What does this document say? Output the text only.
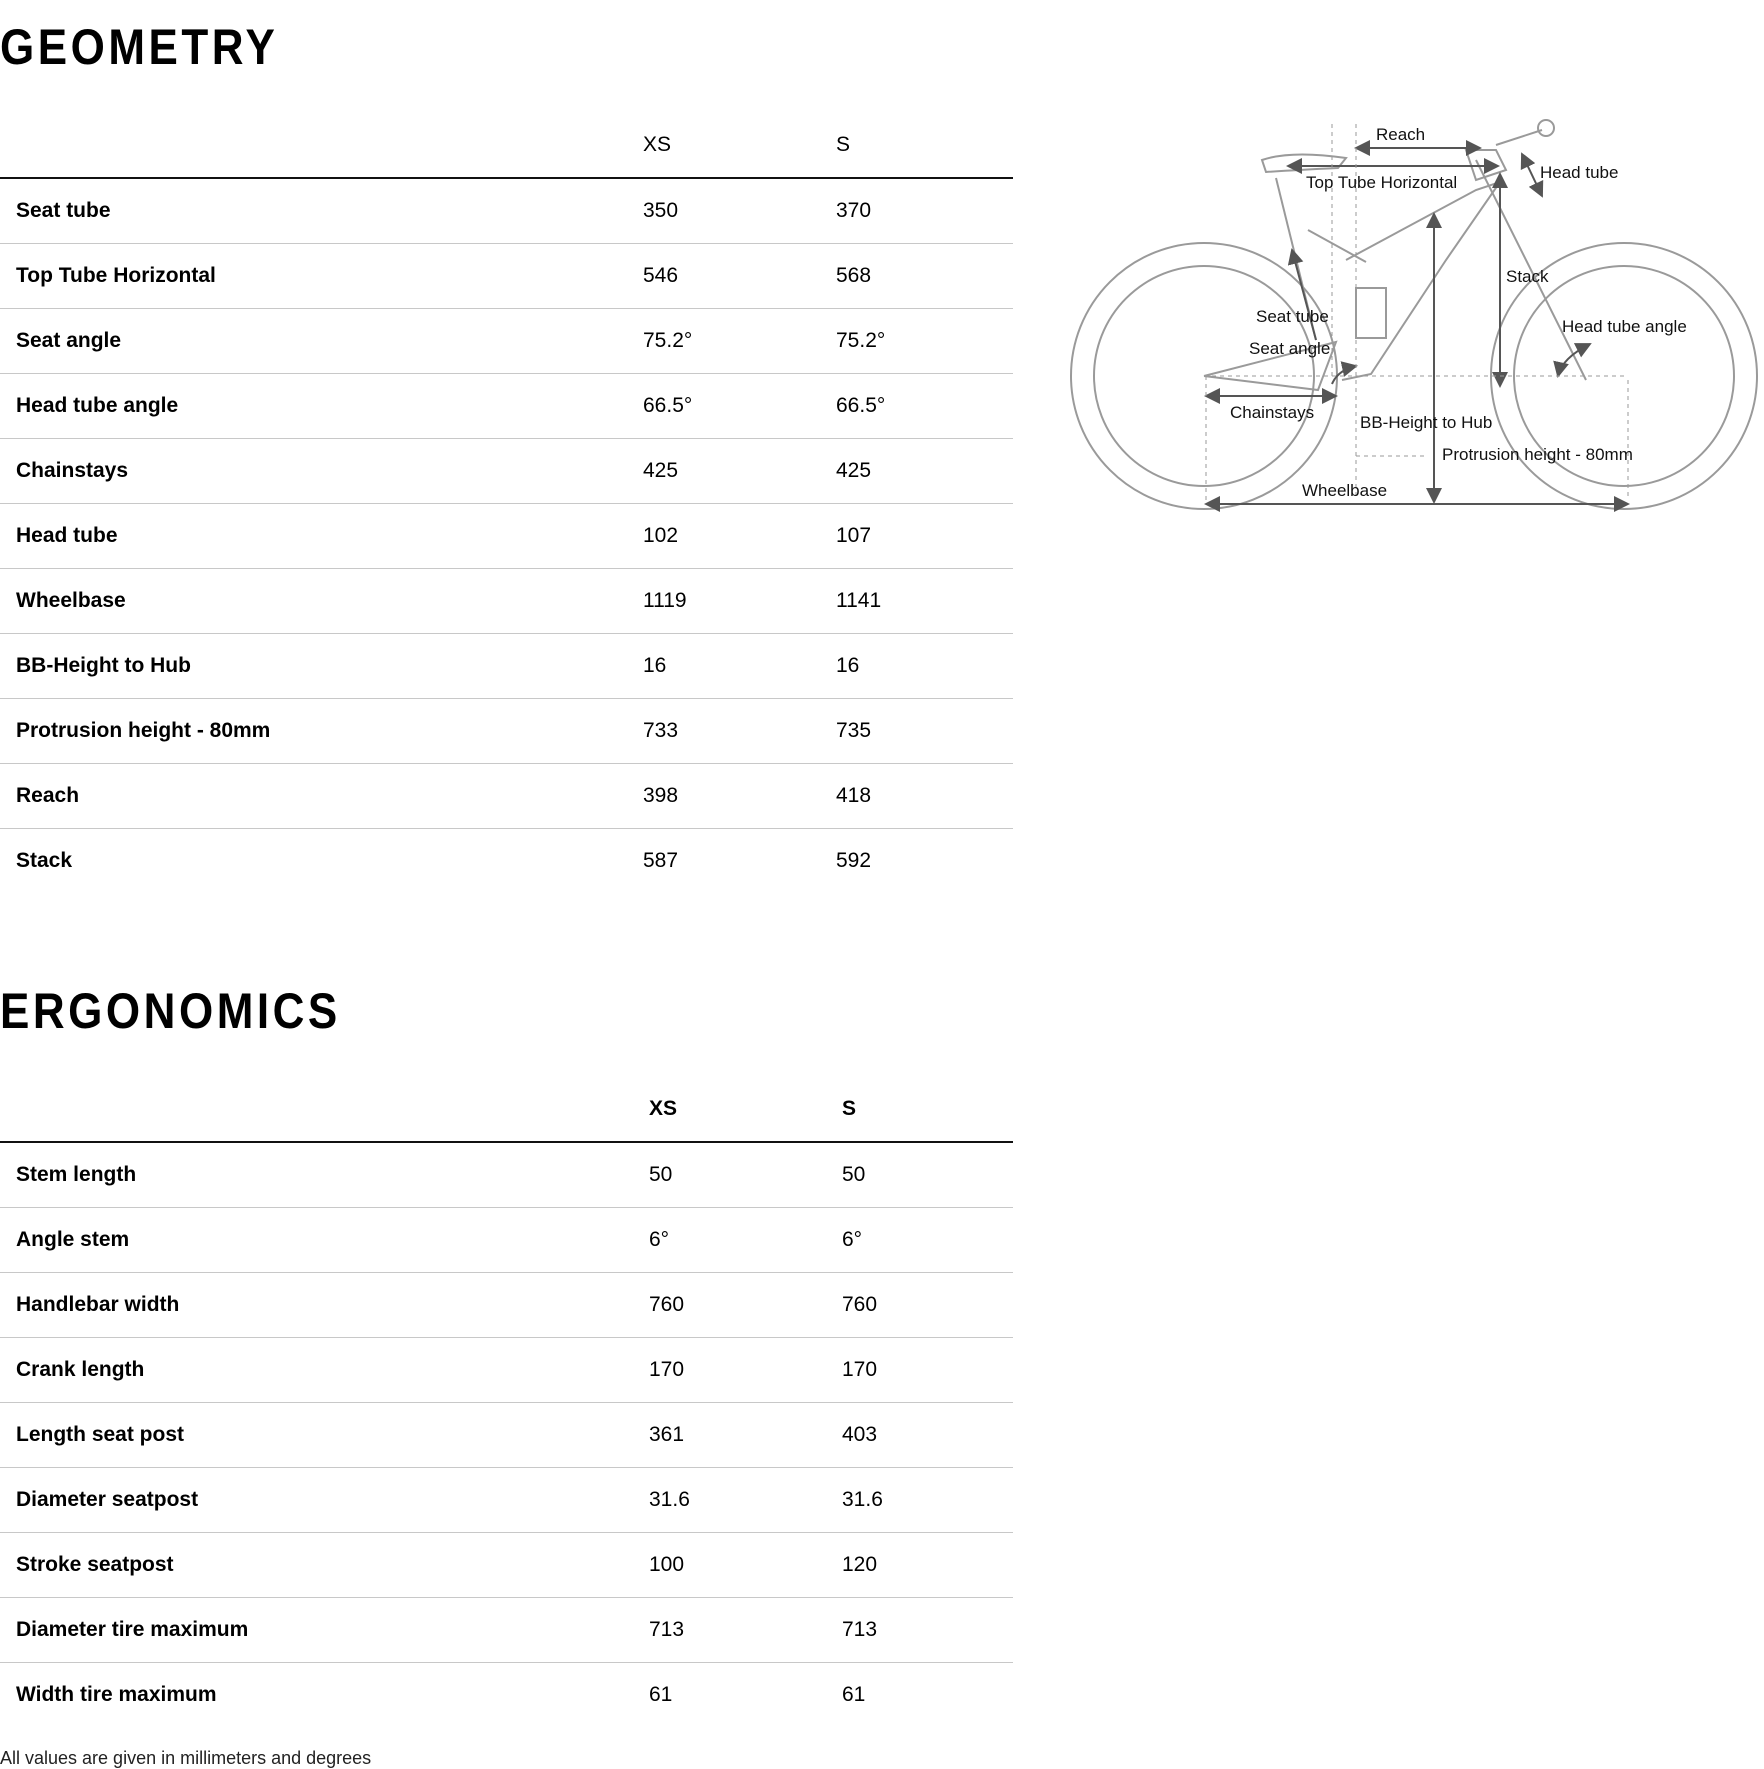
GEOMETRY
	XS	S
Seat tube	350	370
Top Tube Horizontal	546	568
Seat angle	75.2°	75.2°
Head tube angle	66.5°	66.5°
Chainstays	425	425
Head tube	102	107
Wheelbase	1119	1141
BB-Height to Hub	16	16
Protrusion height - 80mm	733	735
Reach	398	418
Stack	587	592
Reach
Top Tube Horizontal
Head tube
Stack
Seat tube
Seat angle
Head tube angle
Chainstays
BB-Height to Hub
Protrusion height - 80mm
Wheelbase
ERGONOMICS
	XS	S
Stem length	50	50
Angle stem	6°	6°
Handlebar width	760	760
Crank length	170	170
Length seat post	361	403
Diameter seatpost	31.6	31.6
Stroke seatpost	100	120
Diameter tire maximum	713	713
Width tire maximum	61	61
All values are given in millimeters and degrees
